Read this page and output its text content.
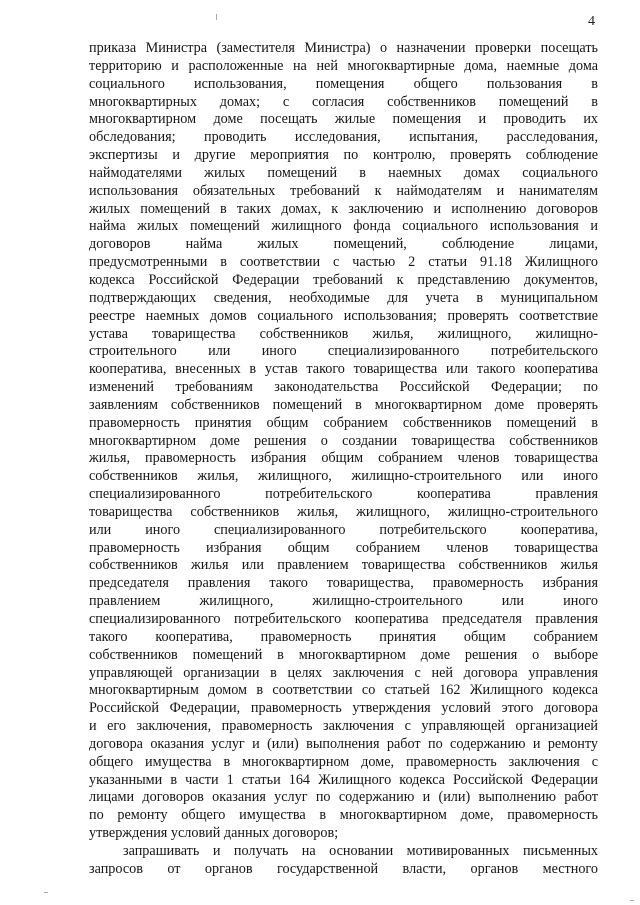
4
приказа Министра (заместителя Министра) о назначении проверки посещать
территорию и расположенные на ней многоквартирные дома, наемные дома
социального использования, помещения общего пользования в
многоквартирных домах; с согласия собственников помещений в
многоквартирном доме посещать жилые помещения и проводить их
обследования; проводить исследования, испытания, расследования,
экспертизы и другие мероприятия по контролю, проверять соблюдение
наймодателями жилых помещений в наемных домах социального
использования обязательных требований к наймодателям и нанимателям
жилых помещений в таких домах, к заключению и исполнению договоров
найма жилых помещений жилищного фонда социального использования и
договоров найма жилых помещений, соблюдение лицами,
предусмотренными в соответствии с частью 2 статьи 91.18 Жилищного
кодекса Российской Федерации требований к представлению документов,
подтверждающих сведения, необходимые для учета в муниципальном
реестре наемных домов социального использования; проверять соответствие
устава товарищества собственников жилья, жилищного, жилищно-
строительного или иного специализированного потребительского
кооператива, внесенных в устав такого товарищества или такого кооператива
изменений требованиям законодательства Российской Федерации; по
заявлениям собственников помещений в многоквартирном доме проверять
правомерность принятия общим собранием собственников помещений в
многоквартирном доме решения о создании товарищества собственников
жилья, правомерность избрания общим собранием членов товарищества
собственников жилья, жилищного, жилищно-строительного или иного
специализированного потребительского кооператива правления
товарищества собственников жилья, жилищного, жилищно-строительного
или иного специализированного потребительского кооператива,
правомерность избрания общим собранием членов товарищества
собственников жилья или правлением товарищества собственников жилья
председателя правления такого товарищества, правомерность избрания
правлением жилищного, жилищно-строительного или иного
специализированного потребительского кооператива председателя правления
такого кооператива, правомерность принятия общим собранием
собственников помещений в многоквартирном доме решения о выборе
управляющей организации в целях заключения с ней договора управления
многоквартирным домом в соответствии со статьей 162 Жилищного кодекса
Российской Федерации, правомерность утверждения условий этого договора
и его заключения, правомерность заключения с управляющей организацией
договора оказания услуг и (или) выполнения работ по содержанию и ремонту
общего имущества в многоквартирном доме, правомерность заключения с
указанными в части 1 статьи 164 Жилищного кодекса Российской Федерации
лицами договоров оказания услуг по содержанию и (или) выполнению работ
по ремонту общего имущества в многоквартирном доме, правомерность
утверждения условий данных договоров;
запрашивать и получать на основании мотивированных письменных
запросов от органов государственной власти, органов местного
